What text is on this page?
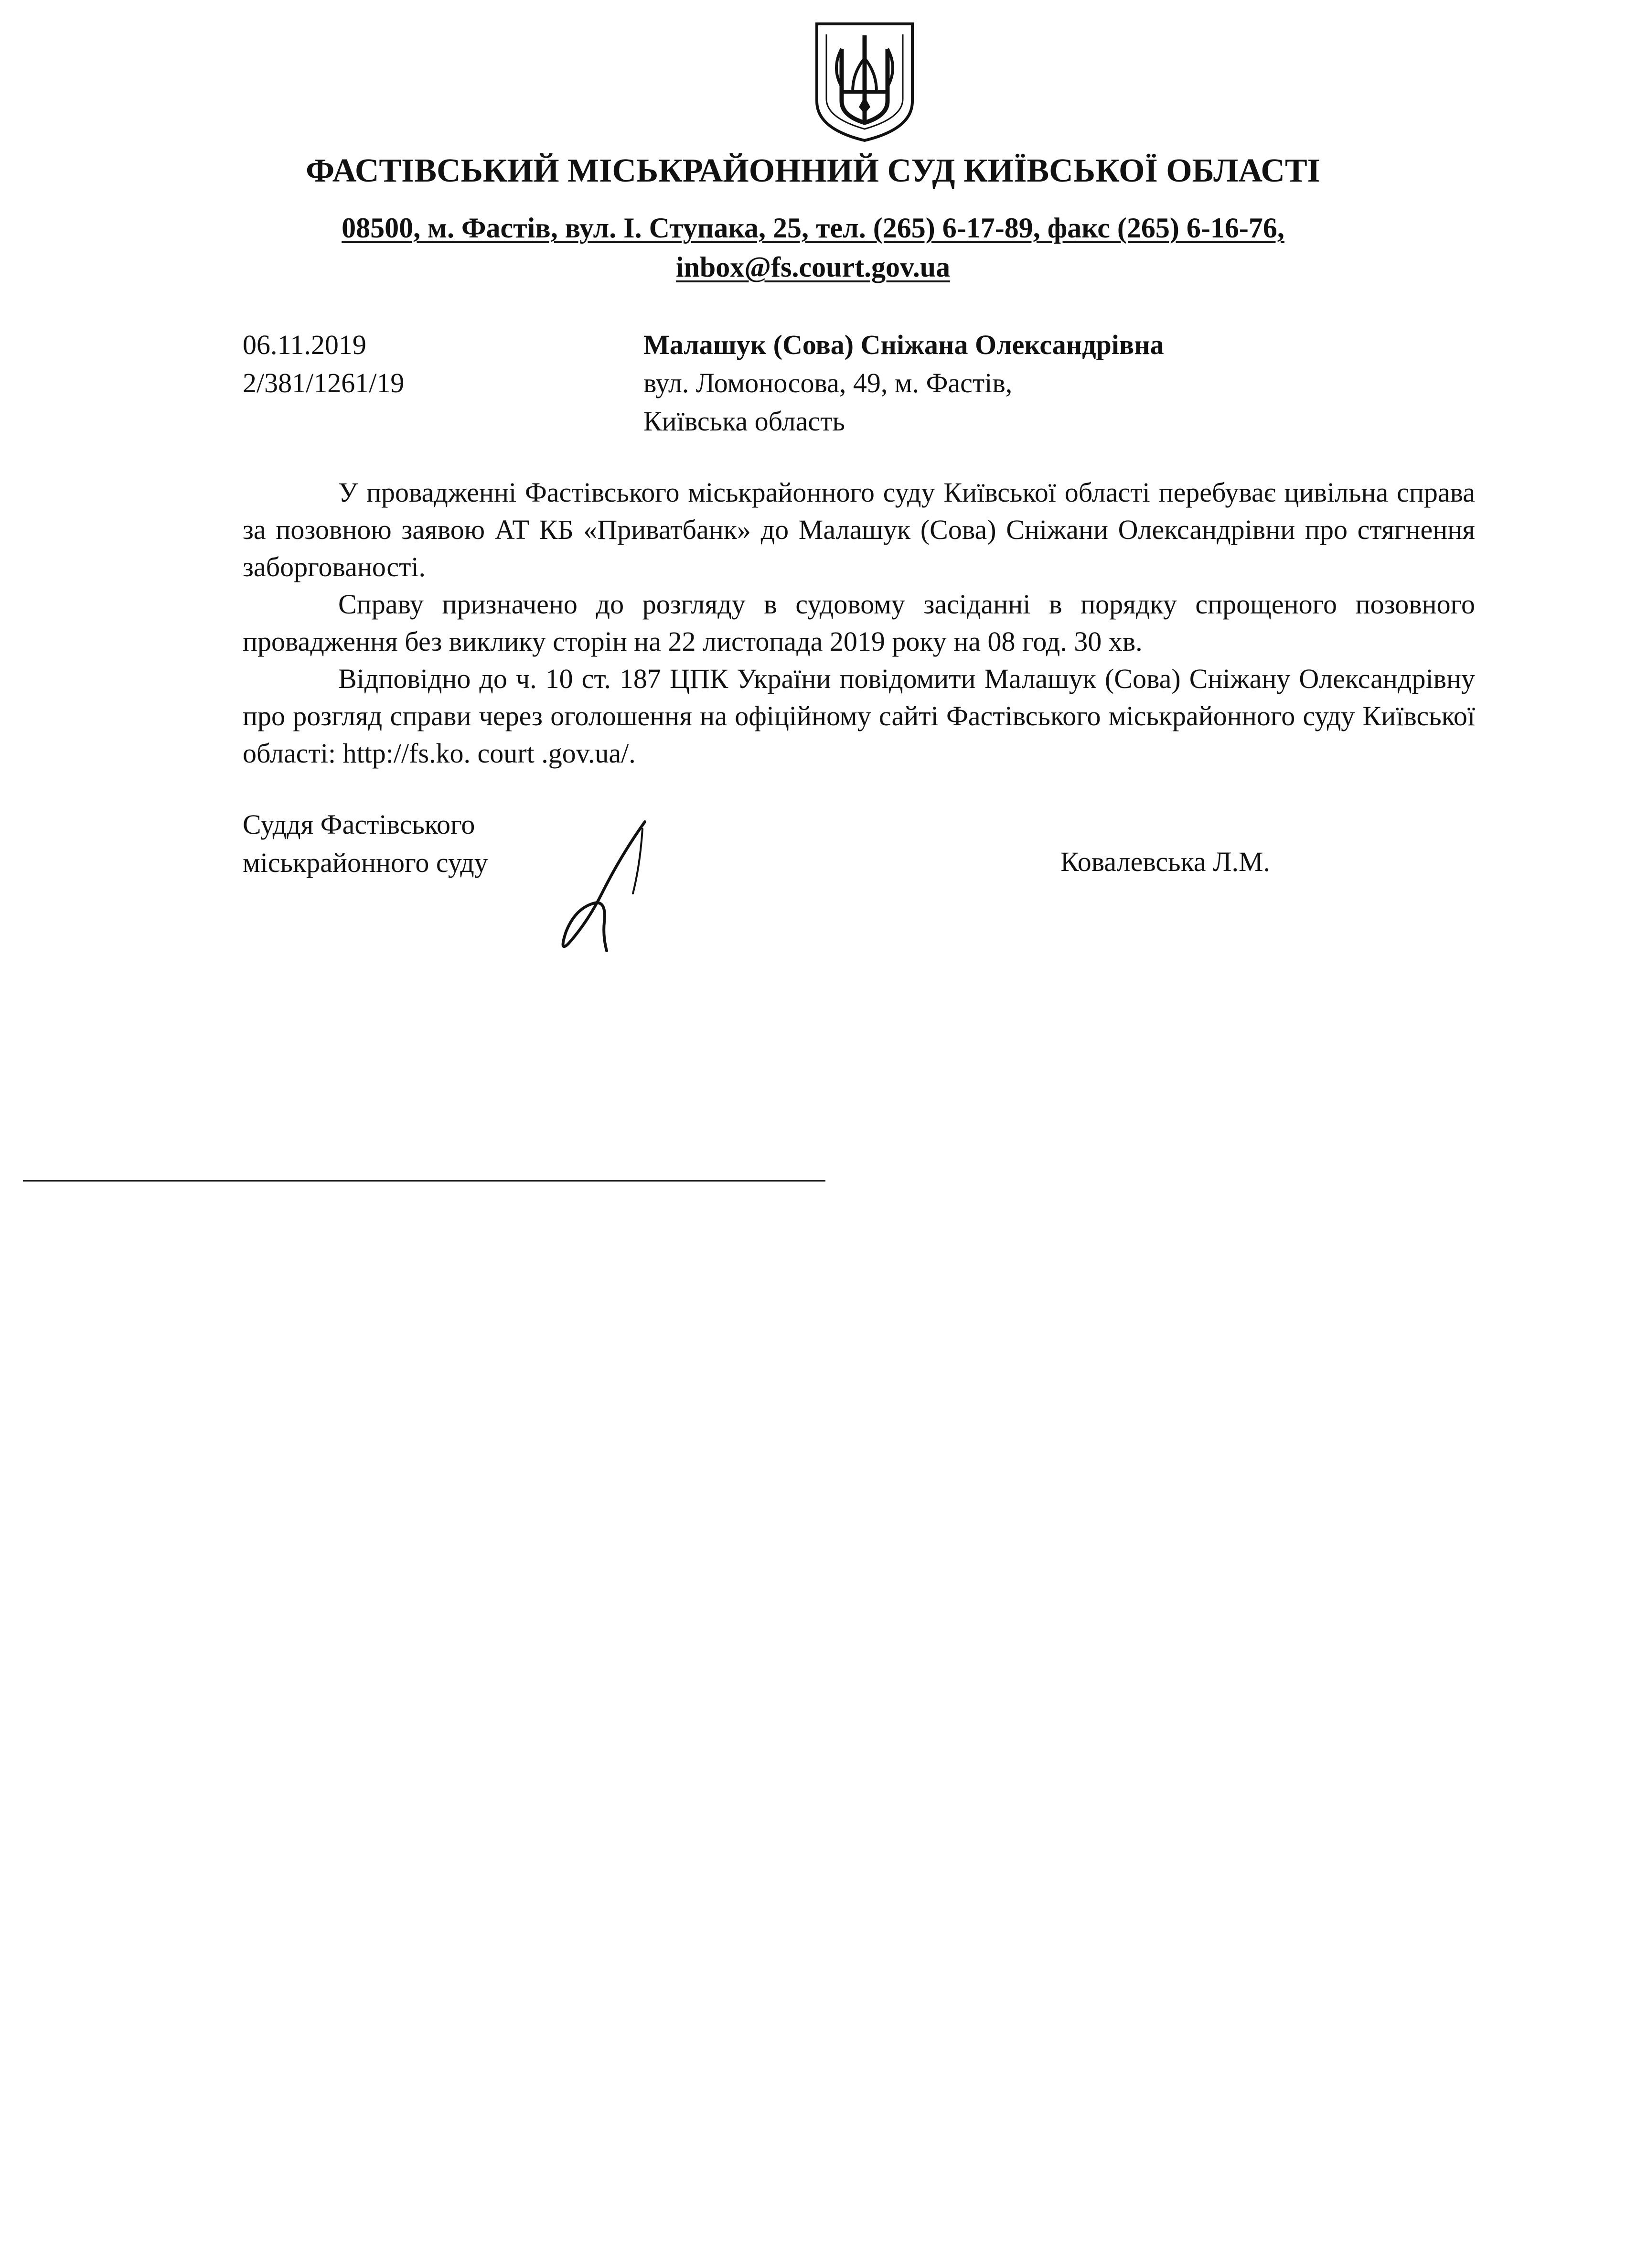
ФАСТІВСЬКИЙ МІСЬКРАЙОННИЙ СУД КИЇВСЬКОЇ ОБЛАСТІ
08500, м. Фастів, вул. І. Ступака, 25, тел. (265) 6-17-89, факс (265) 6-16-76,
inbox@fs.court.gov.ua
06.11.2019
2/381/1261/19
Малашук (Сова) Сніжана Олександрівна
вул. Ломоносова, 49, м. Фастів,
Київська область

У провадженні Фастівського міськрайонного суду Київської області перебуває цивільна справа за позовною заявою АТ КБ «Приватбанк» до Малашук (Сова) Сніжани Олександрівни про стягнення заборгованості.

Справу призначено до розгляду в судовому засіданні в порядку спрощеного позовного провадження без виклику сторін на 22 листопада 2019 року на 08 год. 30 хв.

Відповідно до ч. 10 ст. 187 ЦПК України повідомити Малашук (Сова) Сніжану Олександрівну про розгляд справи через оголошення на офіційному сайті Фастівського міськрайонного суду Київської області: http://fs.ko. court .gov.ua/.

Суддя Фастівського
міськрайонного суду	Ковалевська Л.М.
